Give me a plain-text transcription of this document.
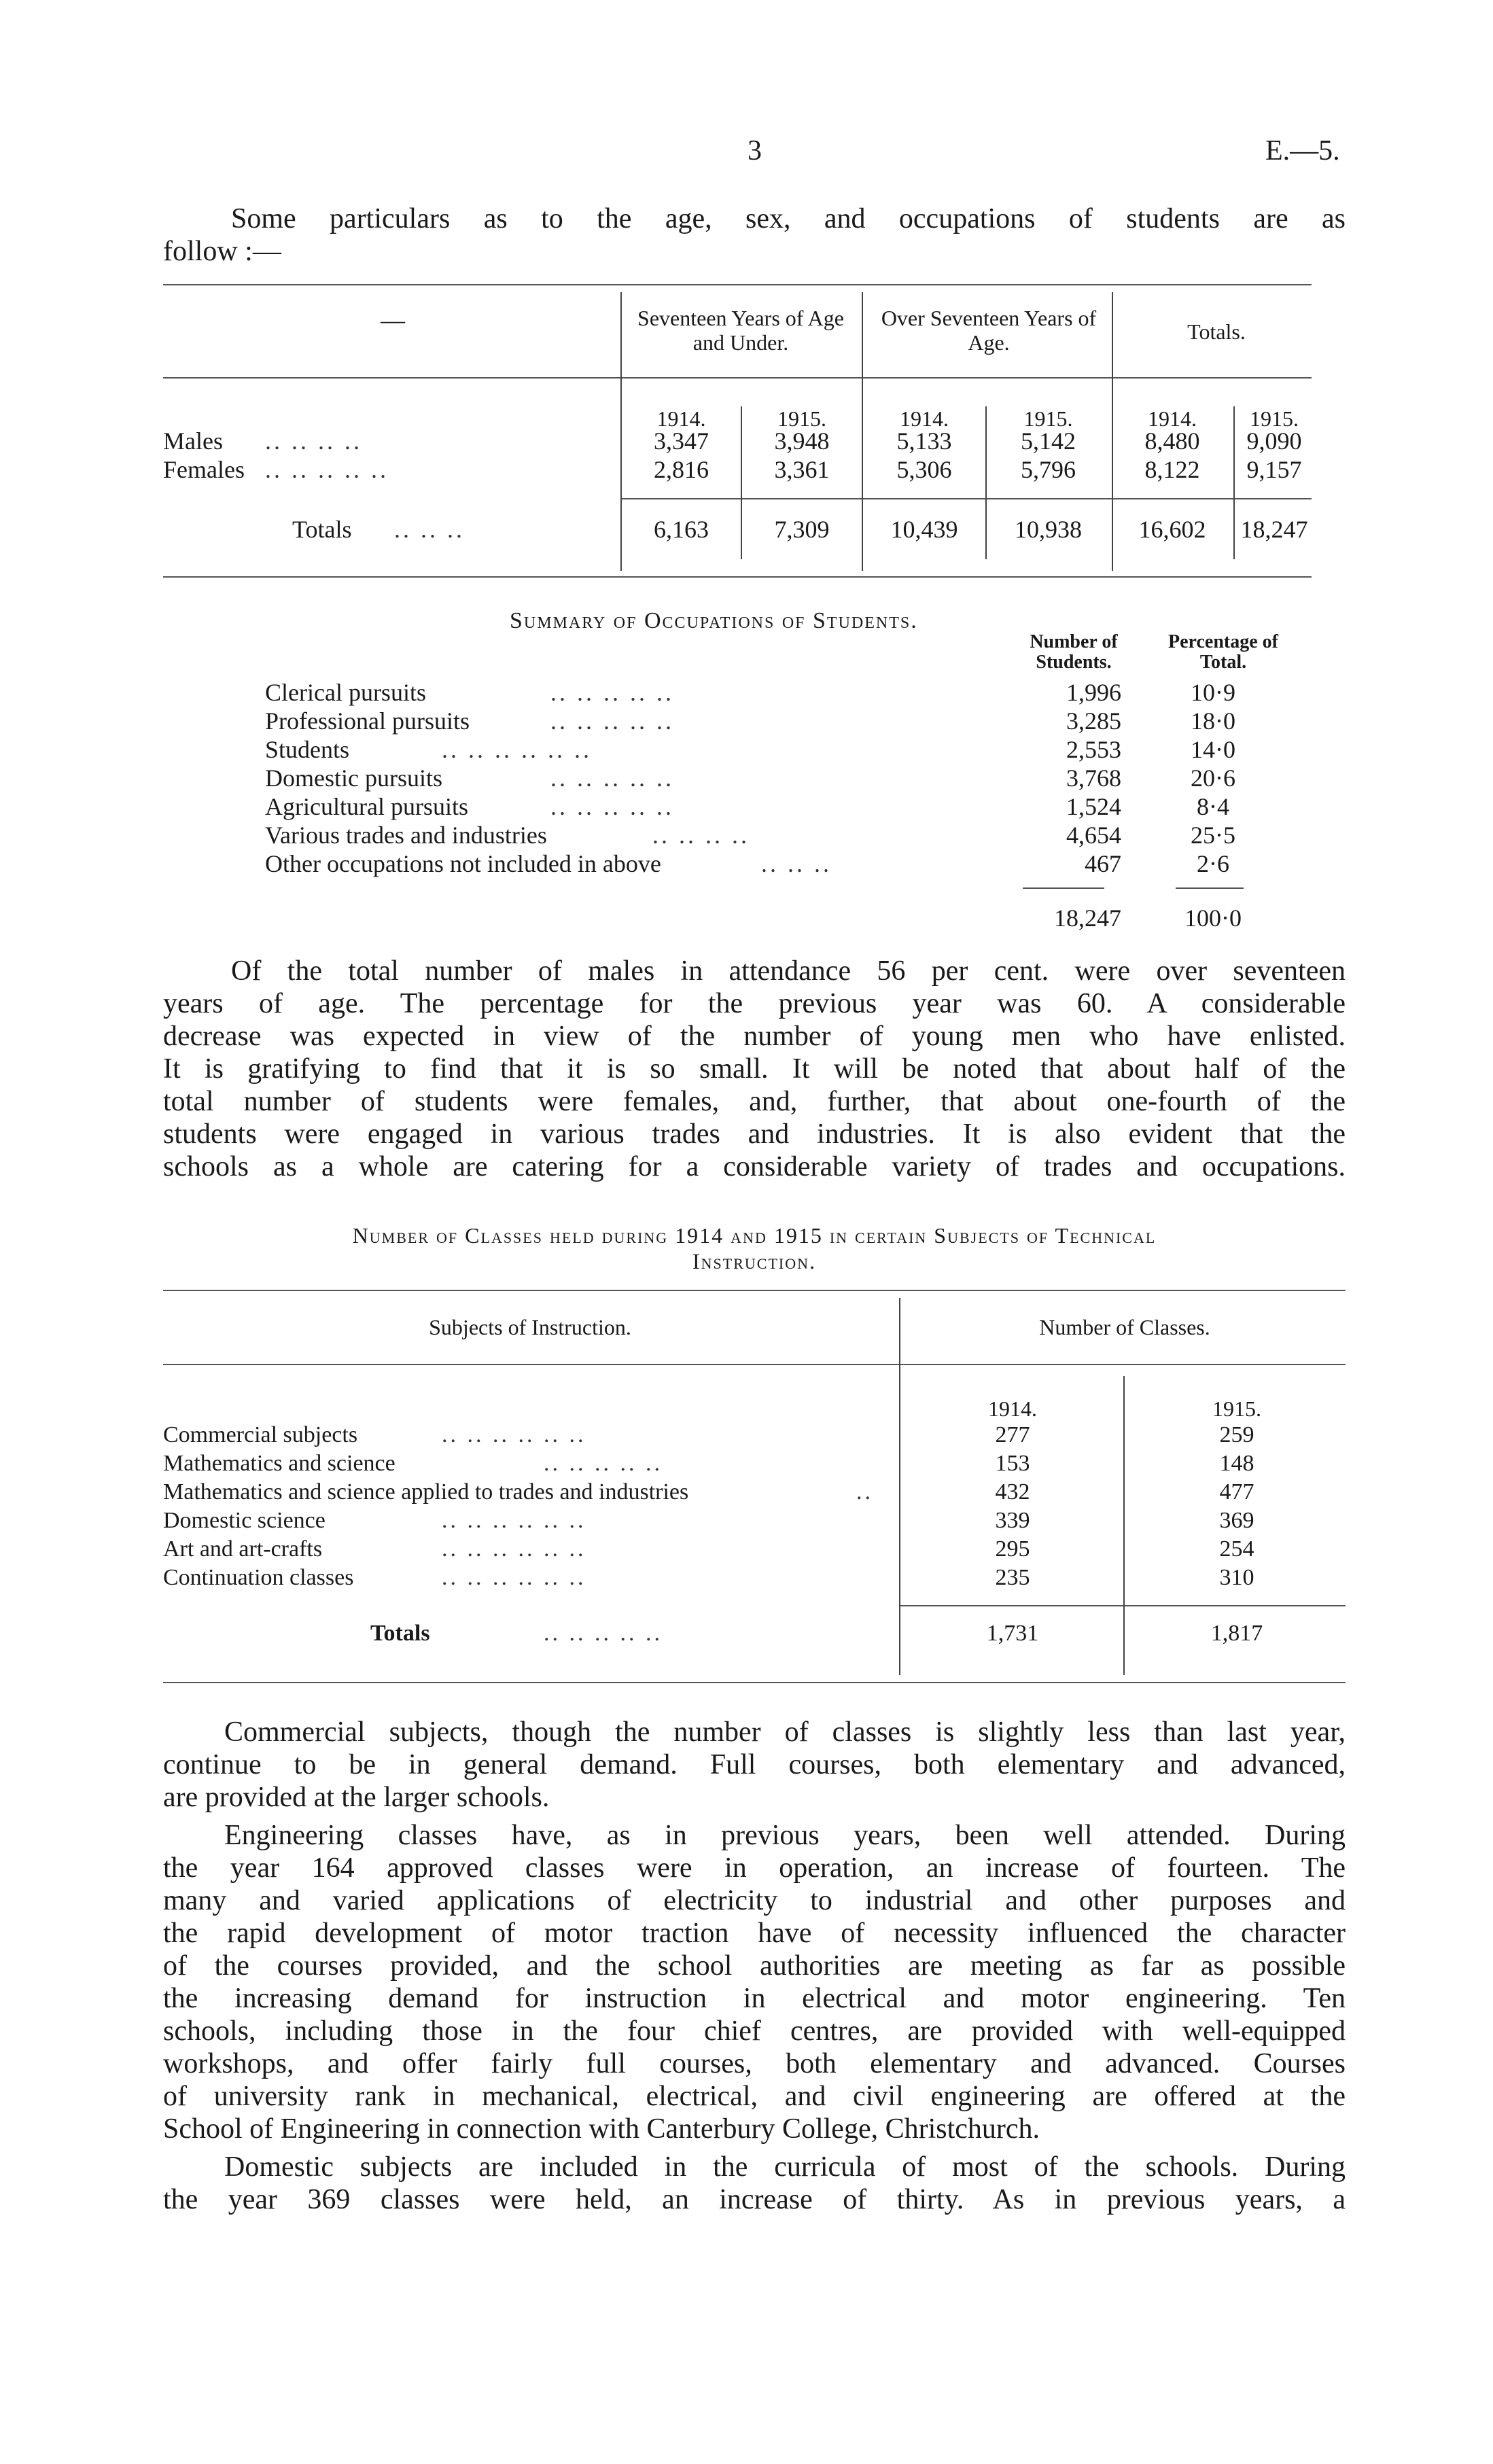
3	E.—5.
Some particulars as to the age, sex, and occupations of students are as
follow :—
—	Seventeen Years of Age and Under.
Over Seventeen Years of Age.	Totals.
1914.	1915.	1914.	1915.	1914.	1915.
Males .. .. .. ..	3,347	3,948	5,133	5,142	8,480	9,090
Females .. .. .. .. ..	2,816	3,361	5,306	5,796	8,122	9,157
Totals .. .. ..	6,163	7,309	10,439	10,938	16,602	18,247
Summary of Occupations of Students.
Number of Students.
Percentage of Total.
Clerical pursuits	.. .. .. .. ..	1,996	10·9
Professional pursuits	.. .. .. .. ..	3,285	18·0
Students	.. .. .. .. .. ..	2,553	14·0
Domestic pursuits	.. .. .. .. ..	3,768	20·6
Agricultural pursuits	.. .. .. .. ..	1,524	8·4
Various trades and industries	.. .. .. ..	4,654	25·5
Other occupations not included in above	.. .. ..	467	2·6
18,247	100·0
Of the total number of males in attendance 56 per cent. were over seventeen
years of age. The percentage for the previous year was 60. A considerable
decrease was expected in view of the number of young men who have enlisted.
It is gratifying to find that it is so small. It will be noted that about half of the
total number of students were females, and, further, that about one-fourth of the
students were engaged in various trades and industries. It is also evident that the
schools as a whole are catering for a considerable variety of trades and occupations.
Number of Classes held during 1914 and 1915 in certain Subjects of Technical
Instruction.
Subjects of Instruction.	Number of Classes.
1914.	1915.
Commercial subjects	.. .. .. .. .. ..	277	259
Mathematics and science	.. .. .. .. ..	153	148
Mathematics and science applied to trades and industries	..	432	477
Domestic science	.. .. .. .. .. ..	339	369
Art and art-crafts	.. .. .. .. .. ..	295	254
Continuation classes	.. .. .. .. .. ..	235	310
Totals	.. .. .. .. ..	1,731	1,817
Commercial subjects, though the number of classes is slightly less than last year,
continue to be in general demand. Full courses, both elementary and advanced,
are provided at the larger schools.
Engineering classes have, as in previous years, been well attended. During
the year 164 approved classes were in operation, an increase of fourteen. The
many and varied applications of electricity to industrial and other purposes and
the rapid development of motor traction have of necessity influenced the character
of the courses provided, and the school authorities are meeting as far as possible
the increasing demand for instruction in electrical and motor engineering. Ten
schools, including those in the four chief centres, are provided with well-equipped
workshops, and offer fairly full courses, both elementary and advanced. Courses
of university rank in mechanical, electrical, and civil engineering are offered at the
School of Engineering in connection with Canterbury College, Christchurch.
Domestic subjects are included in the curricula of most of the schools. During
the year 369 classes were held, an increase of thirty. As in previous years, a
